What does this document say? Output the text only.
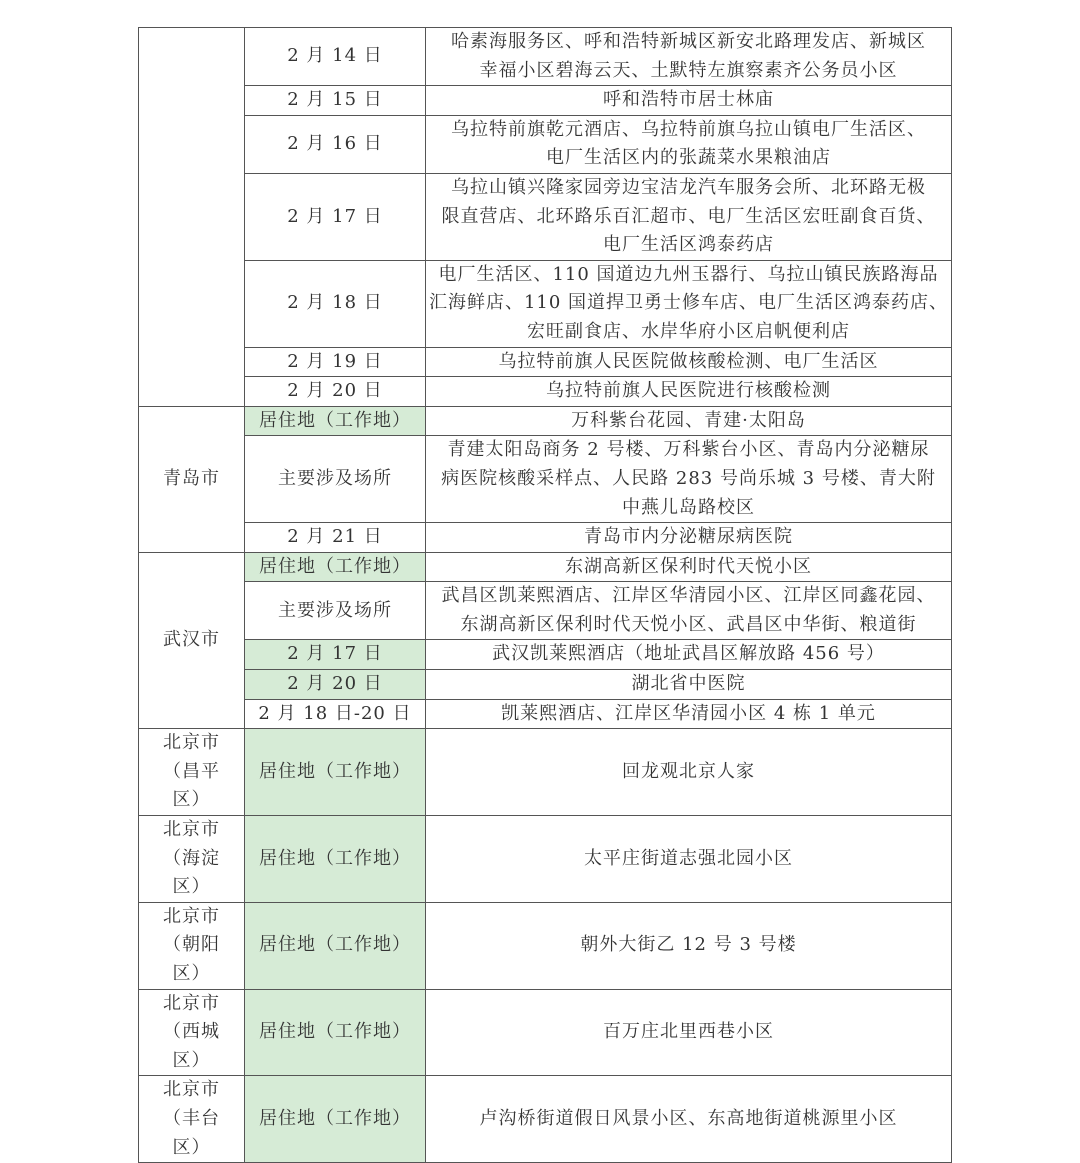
	2 月 14 日	哈素海服务区、呼和浩特新城区新安北路理发店、新城区
幸福小区碧海云天、土默特左旗察素齐公务员小区
	2 月 15 日	呼和浩特市居士林庙
	2 月 16 日	乌拉特前旗乾元酒店、乌拉特前旗乌拉山镇电厂生活区、
电厂生活区内的张蔬菜水果粮油店
	2 月 17 日	乌拉山镇兴隆家园旁边宝洁龙汽车服务会所、北环路无极
限直营店、北环路乐百汇超市、电厂生活区宏旺副食百货、
电厂生活区鸿泰药店
	2 月 18 日	电厂生活区、110 国道边九州玉器行、乌拉山镇民族路海品
汇海鲜店、110 国道捍卫勇士修车店、电厂生活区鸿泰药店、
宏旺副食店、水岸华府小区启帆便利店
	2 月 19 日	乌拉特前旗人民医院做核酸检测、电厂生活区
	2 月 20 日	乌拉特前旗人民医院进行核酸检测
青岛市	居住地（工作地）	万科紫台花园、青建·太阳岛
	主要涉及场所	青建太阳岛商务 2 号楼、万科紫台小区、青岛内分泌糖尿
病医院核酸采样点、人民路 283 号尚乐城 3 号楼、青大附
中燕儿岛路校区
	2 月 21 日	青岛市内分泌糖尿病医院
武汉市	居住地（工作地）	东湖高新区保利时代天悦小区
	主要涉及场所	武昌区凯莱熙酒店、江岸区华清园小区、江岸区同鑫花园、
东湖高新区保利时代天悦小区、武昌区中华街、粮道街
	2 月 17 日	武汉凯莱熙酒店（地址武昌区解放路 456 号）
	2 月 20 日	湖北省中医院
	2 月 18 日-20 日	凯莱熙酒店、江岸区华清园小区 4 栋 1 单元
北京市
（昌平
区）	居住地（工作地）	回龙观北京人家
北京市
（海淀
区）	居住地（工作地）	太平庄街道志强北园小区
北京市
（朝阳
区）	居住地（工作地）	朝外大街乙 12 号 3 号楼
北京市
（西城
区）	居住地（工作地）	百万庄北里西巷小区
北京市
（丰台
区）	居住地（工作地）	卢沟桥街道假日风景小区、东高地街道桃源里小区
